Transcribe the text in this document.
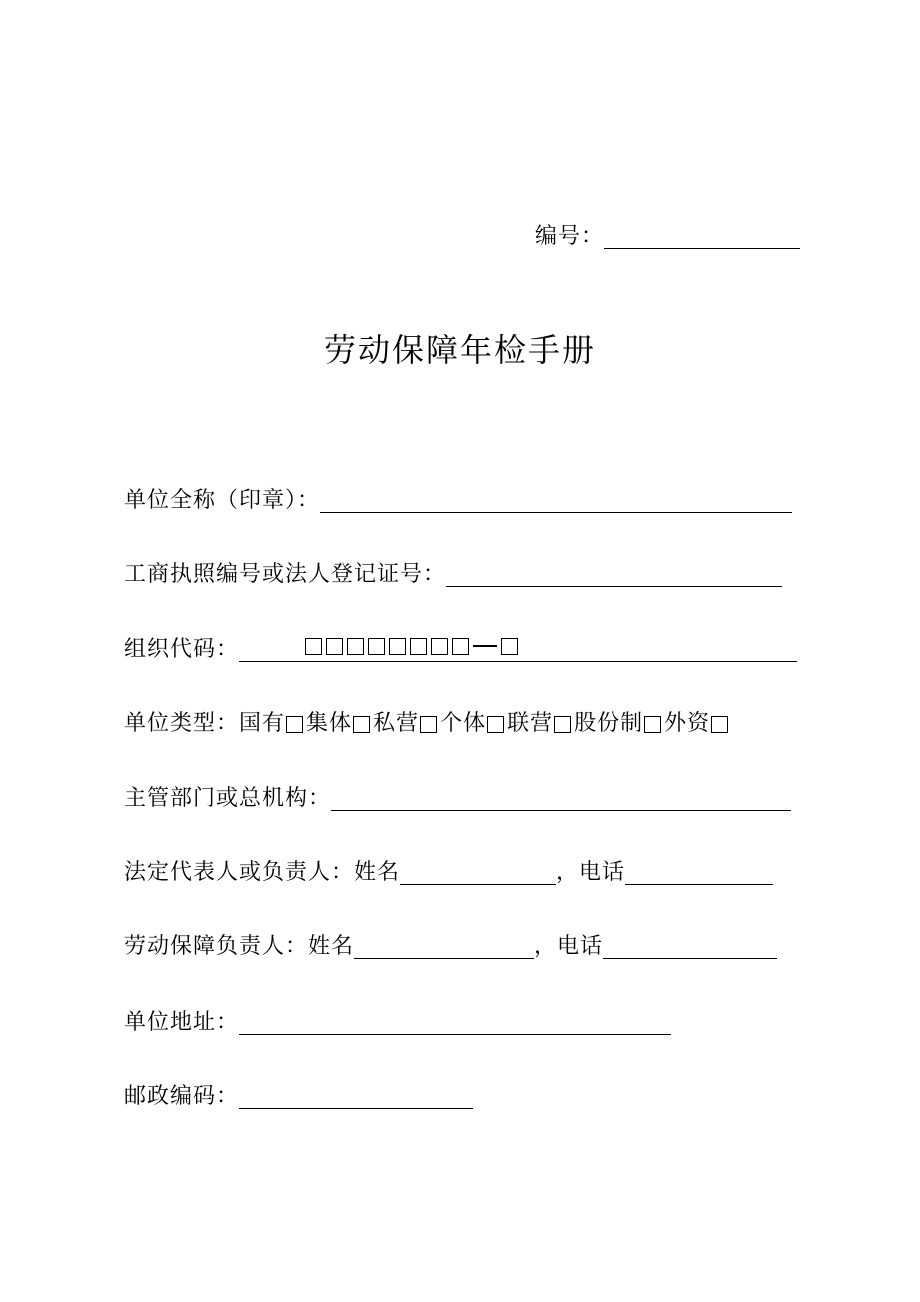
编号：
劳动保障年检手册
单位全称（印章）：
工商执照编号或法人登记证号：
组织代码：
单位类型： 国有 集体 私营 个体 联营 股份制 外资
主管部门或总机构：
法定代表人或负责人：姓名	，电话
劳动保障负责人：姓名	，电话
单位地址：
邮政编码：
